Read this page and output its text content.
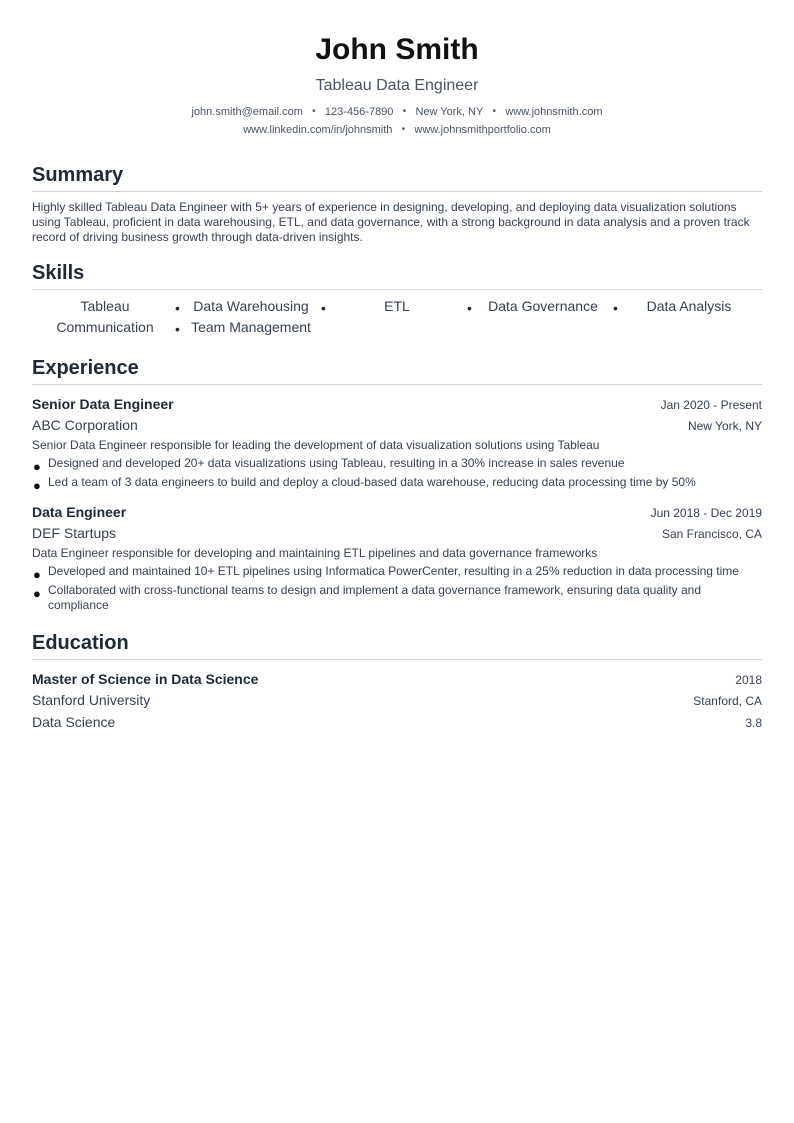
John Smith
Tableau Data Engineer
john.smith@email.com • 123-456-7890 • New York, NY • www.johnsmith.com
www.linkedin.com/in/johnsmith • www.johnsmithportfolio.com
Summary

Highly skilled Tableau Data Engineer with 5+ years of experience in designing, developing, and deploying data visualization solutions using Tableau, proficient in data warehousing, ETL, and data governance, with a strong background in data analysis and a proven track record of driving business growth through data-driven insights.

Skills
Tableau	• Data Warehousing	• ETL	• Data Governance	• Data Analysis
Communication	• Team Management
Experience
Senior Data Engineer	Jan 2020 - Present
ABC Corporation	New York, NY
Senior Data Engineer responsible for leading the development of data visualization solutions using Tableau
● Designed and developed 20+ data visualizations using Tableau, resulting in a 30% increase in sales revenue
● Led a team of 3 data engineers to build and deploy a cloud-based data warehouse, reducing data processing time by 50%
Data Engineer	Jun 2018 - Dec 2019
DEF Startups	San Francisco, CA
Data Engineer responsible for developing and maintaining ETL pipelines and data governance frameworks
● Developed and maintained 10+ ETL pipelines using Informatica PowerCenter, resulting in a 25% reduction in data processing time
● Collaborated with cross-functional teams to design and implement a data governance framework, ensuring data quality and compliance
Education
Master of Science in Data Science	2018
Stanford University	Stanford, CA
Data Science	3.8
